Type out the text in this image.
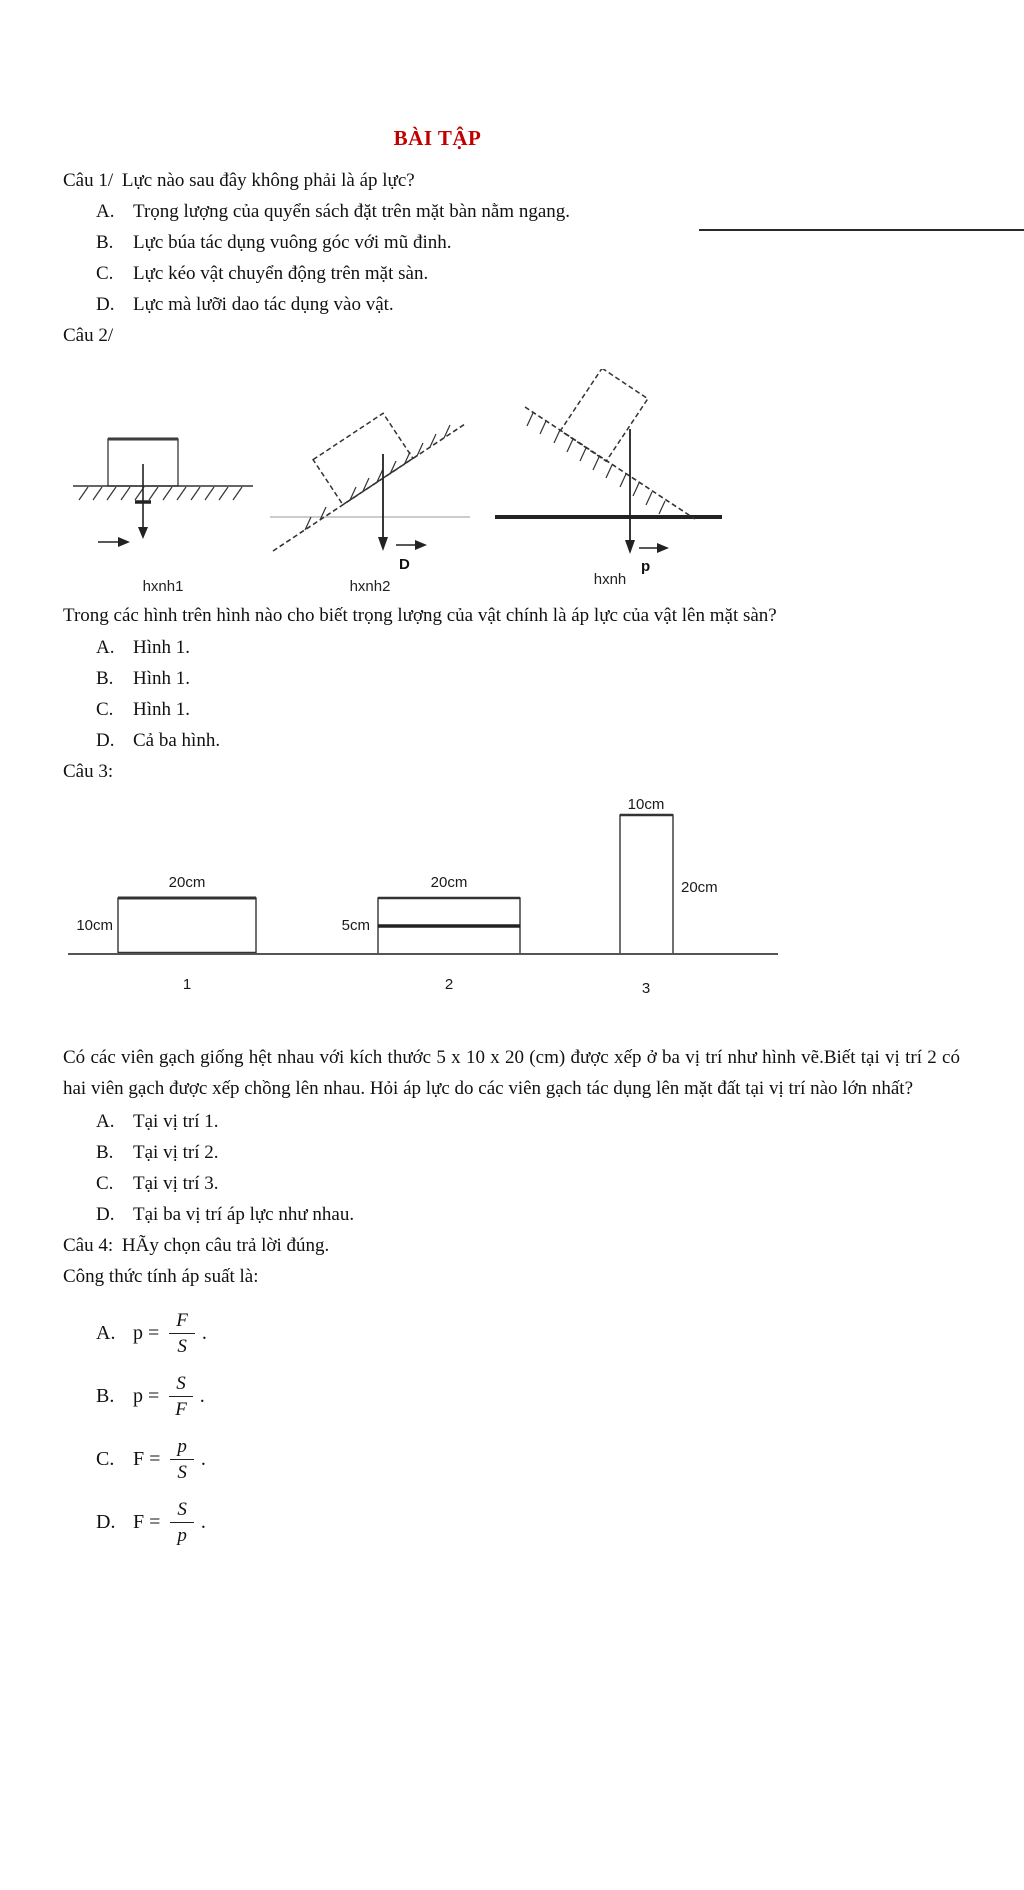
BÀI TẬP

Câu 1/ Lực nào sau đây không phải là áp lực?

A. Trọng lượng của quyển sách đặt trên mặt bàn nằm ngang.
B.	Lực búa tác dụng vuông góc với mũ đinh.
C.	Lực kéo vật chuyển động trên mặt sàn.
D. Lực mà lưỡi dao tác dụng vào vật.

Câu 2/

hxnh1
D
hxnh2
p
hxnh

Trong các hình trên hình nào cho biết trọng lượng của vật chính là áp lực của vật lên mặt sàn?

A. Hình 1.
B.	Hình 1.
C.	Hình 1.
D. Cả ba hình.

Câu 3:

20cm
10cm
20cm
5cm
10cm
20cm
1	2	3

Có các viên gạch giống hệt nhau với kích thước 5 x 10 x 20 (cm) được xếp ở ba vị trí như hình vẽ.Biết tại vị trí 2 có hai viên gạch được xếp chồng lên nhau. Hỏi áp lực do các viên gạch tác dụng lên mặt đất tại vị trí nào lớn nhất?

A. Tại vị trí 1.
B.	Tại vị trí 2.
C.	Tại vị trí 3.
D. Tại ba vị trí áp lực như nhau.

Câu 4: HÃy chọn câu trả lời đúng.

Công thức tính áp suất là:

A. $p = \frac{F}{S}$ .
B. $p = \frac{S}{F}$ .
C. $F = \frac{p}{S}$ .
D. $F = \frac{S}{p}$ .
